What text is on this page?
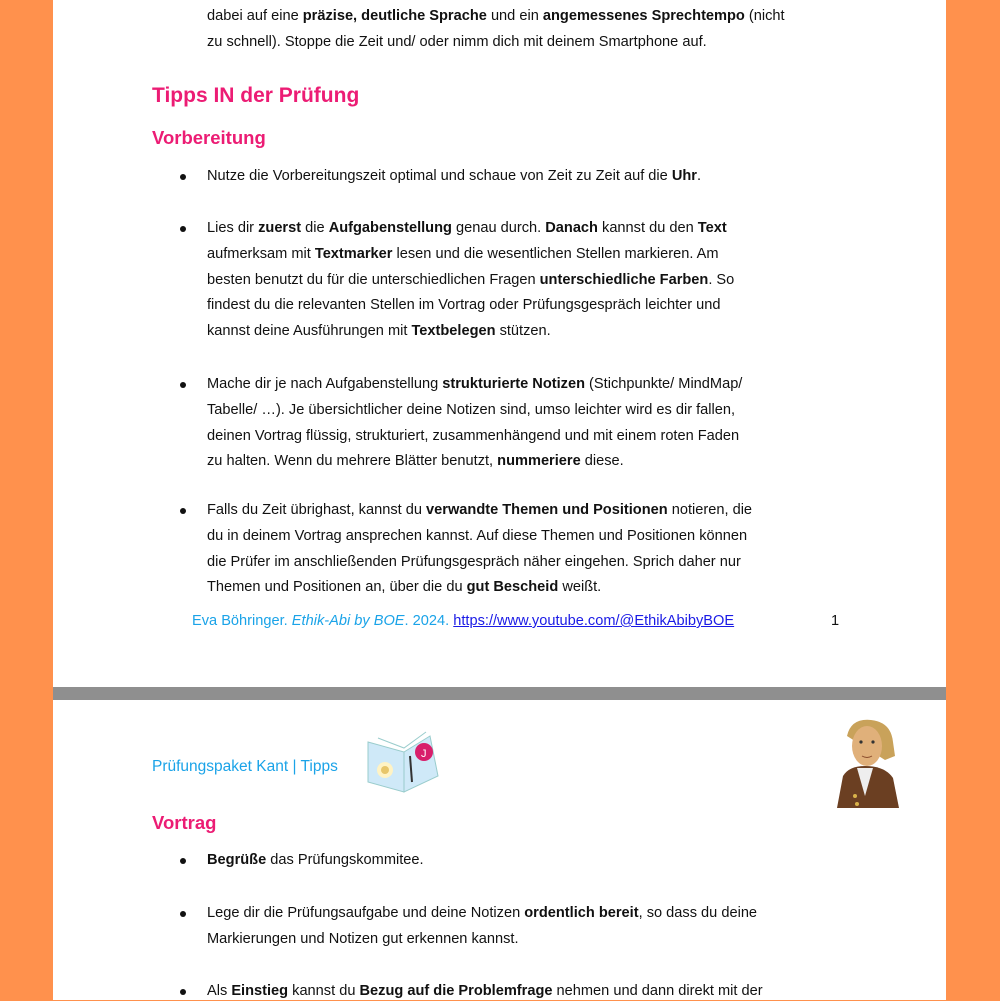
Tipps IN der Prüfung
Vorbereitung
Eva Böhringer. Ethik-Abi by BOE. 2024. https://www.youtube.com/@EthikAbibyBOE	1
Prüfungspaket Kant | Tipps
J
Vortrag
dabei auf eine präzise, deutliche Sprache und ein angemessenes Sprechtempo (nicht
zu schnell). Stoppe die Zeit und/ oder nimm dich mit deinem Smartphone auf.
Nutze die Vorbereitungszeit optimal und schaue von Zeit zu Zeit auf die Uhr.
Lies dir zuerst die Aufgabenstellung genau durch. Danach kannst du den Text
aufmerksam mit Textmarker lesen und die wesentlichen Stellen markieren. Am
besten benutzt du für die unterschiedlichen Fragen unterschiedliche Farben. So
findest du die relevanten Stellen im Vortrag oder Prüfungsgespräch leichter und
kannst deine Ausführungen mit Textbelegen stützen.
Mache dir je nach Aufgabenstellung strukturierte Notizen (Stichpunkte/ MindMap/
Tabelle/ …). Je übersichtlicher deine Notizen sind, umso leichter wird es dir fallen,
deinen Vortrag flüssig, strukturiert, zusammenhängend und mit einem roten Faden
zu halten. Wenn du mehrere Blätter benutzt, nummeriere diese.
Falls du Zeit übrighast, kannst du verwandte Themen und Positionen notieren, die
du in deinem Vortrag ansprechen kannst. Auf diese Themen und Positionen können
die Prüfer im anschließenden Prüfungsgespräch näher eingehen. Sprich daher nur
Themen und Positionen an, über die du gut Bescheid weißt.
Begrüße das Prüfungskommitee.
Lege dir die Prüfungsaufgabe und deine Notizen ordentlich bereit, so dass du deine
Markierungen und Notizen gut erkennen kannst.
Als Einstieg kannst du Bezug auf die Problemfrage nehmen und dann direkt mit der
